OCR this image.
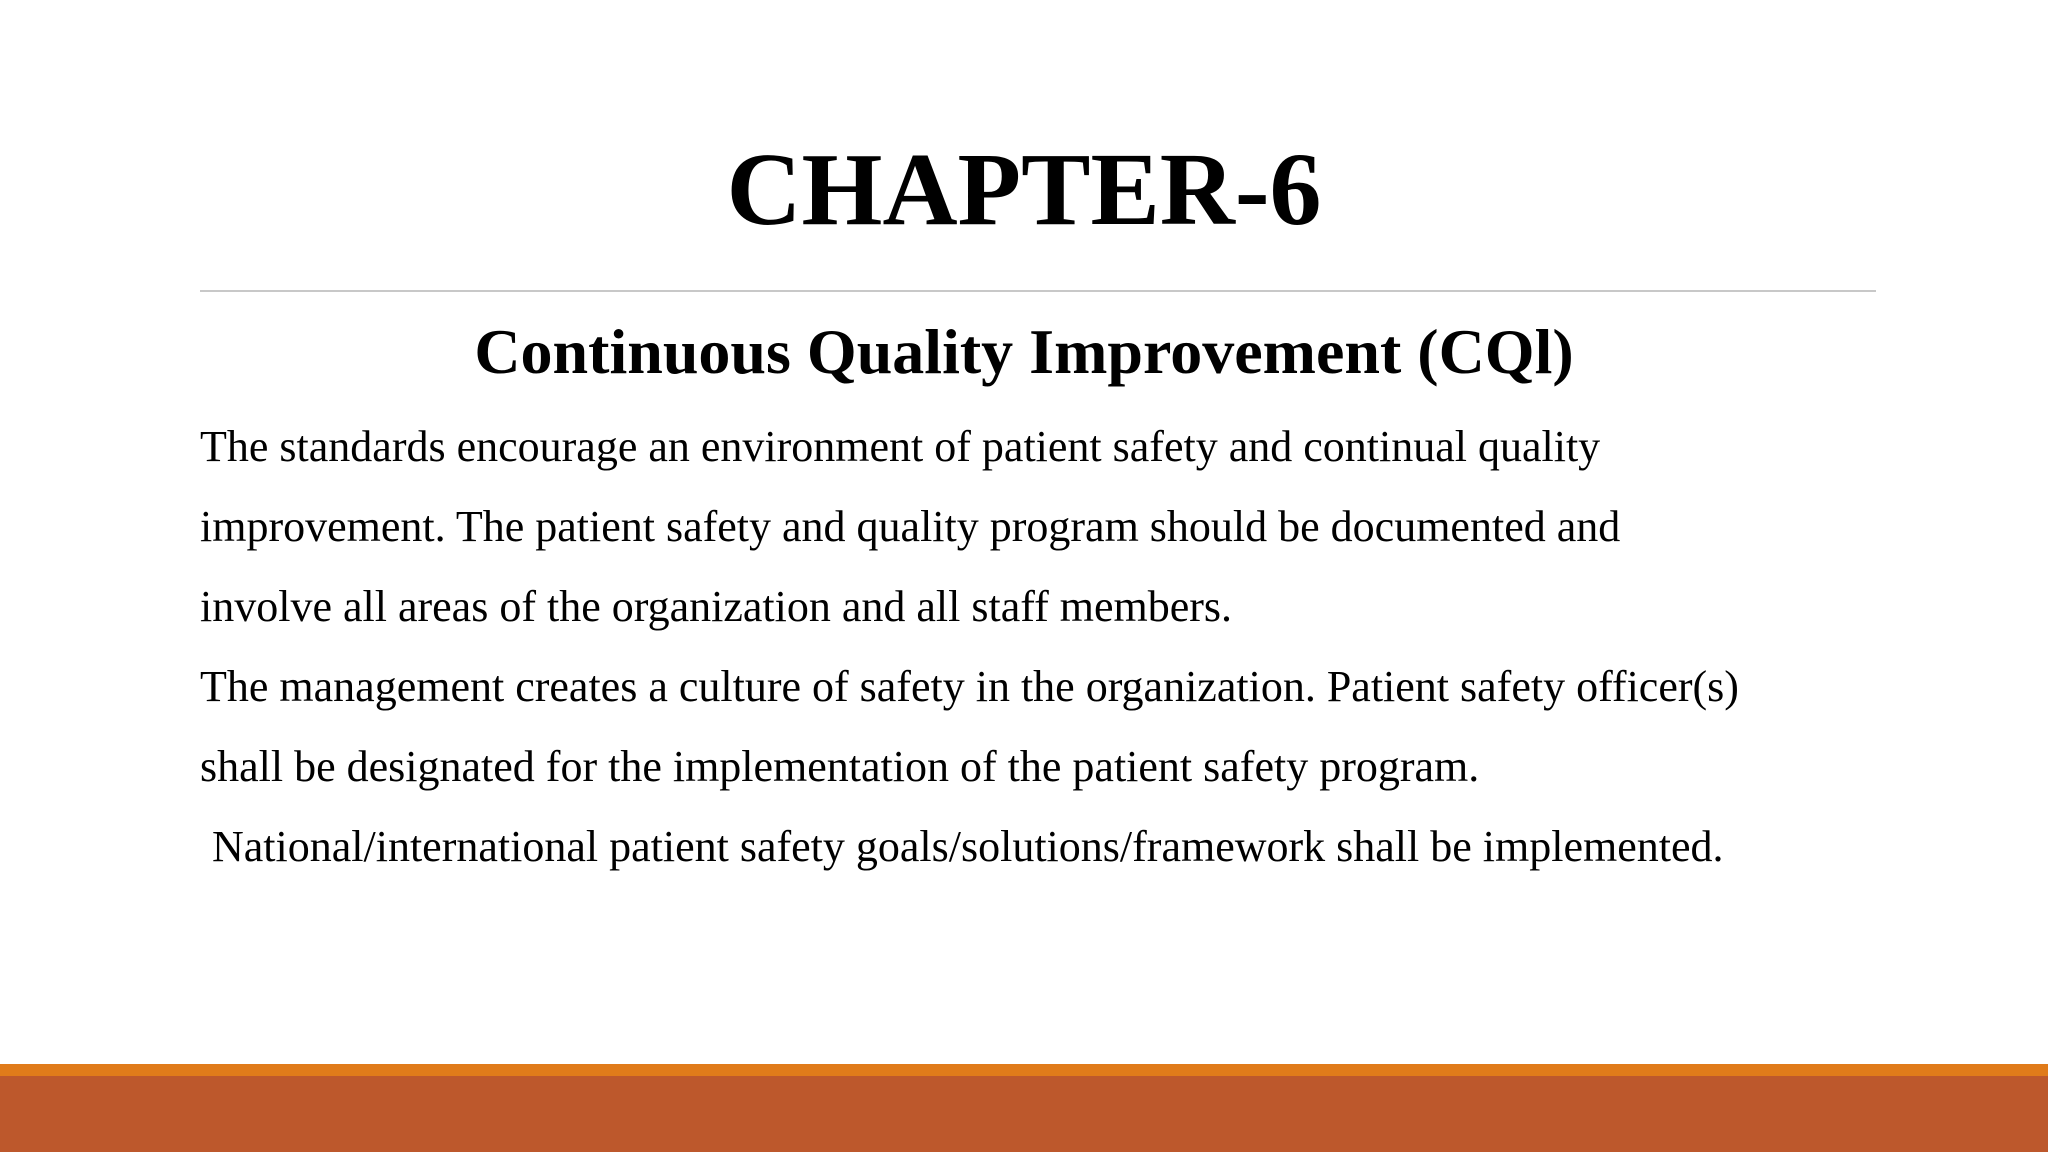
CHAPTER-6
Continuous Quality Improvement (CQl)
The standards encourage an environment of patient safety and continual quality
improvement. The patient safety and quality program should be documented and
involve all areas of the organization and all staff members.
The management creates a culture of safety in the organization. Patient safety officer(s)
shall be designated for the implementation of the patient safety program.
National/international patient safety goals/solutions/framework shall be implemented.
